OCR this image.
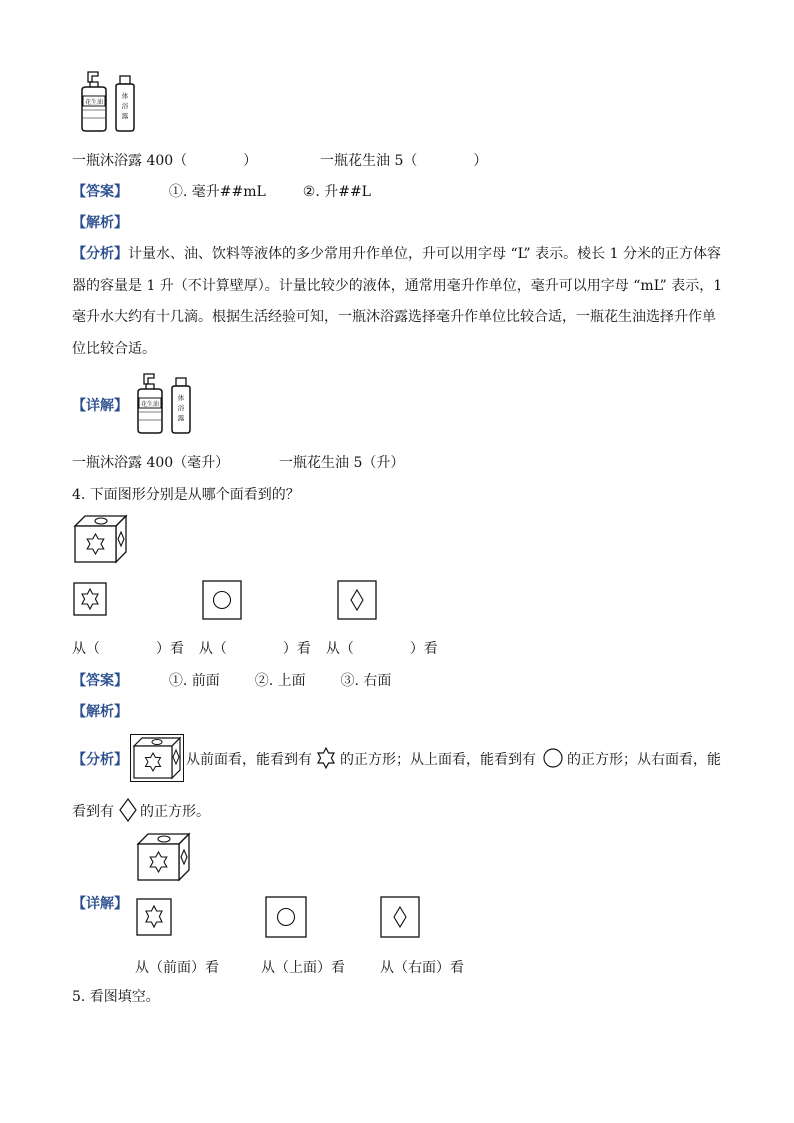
花生油
体
浴
露
一瓶沐浴露 400（	）	一瓶花生油 5（	）
【答案】	①. 毫升##mL	②. 升##L
【解析】
【分析】计量水、油、饮料等液体的多少常用升作单位，升可以用字母 “L” 表示。棱长 1 分米的正方体容
器的容量是 1 升（不计算壁厚）。计量比较少的液体，通常用毫升作单位，毫升可以用字母 “mL” 表示，1
毫升水大约有十几滴。根据生活经验可知，一瓶沐浴露选择毫升作单位比较合适，一瓶花生油选择升作单
位比较合适。
【详解】 花生油
体
浴
露
一瓶沐浴露 400（毫升）	一瓶花生油 5（升）
4. 下面图形分别是从哪个面看到的？
从（	）看 从（	）看 从（	）看
【答案】	①. 前面 ②. 上面 ③. 右面
【解析】
【分析】	从前面看，能看到有 的正方形；从上面看，能看到有 的正方形；从右面看，能
看到有 的正方形。
【详解】
从（前面）看	从（上面）看	从（右面）看
5. 看图填空。
